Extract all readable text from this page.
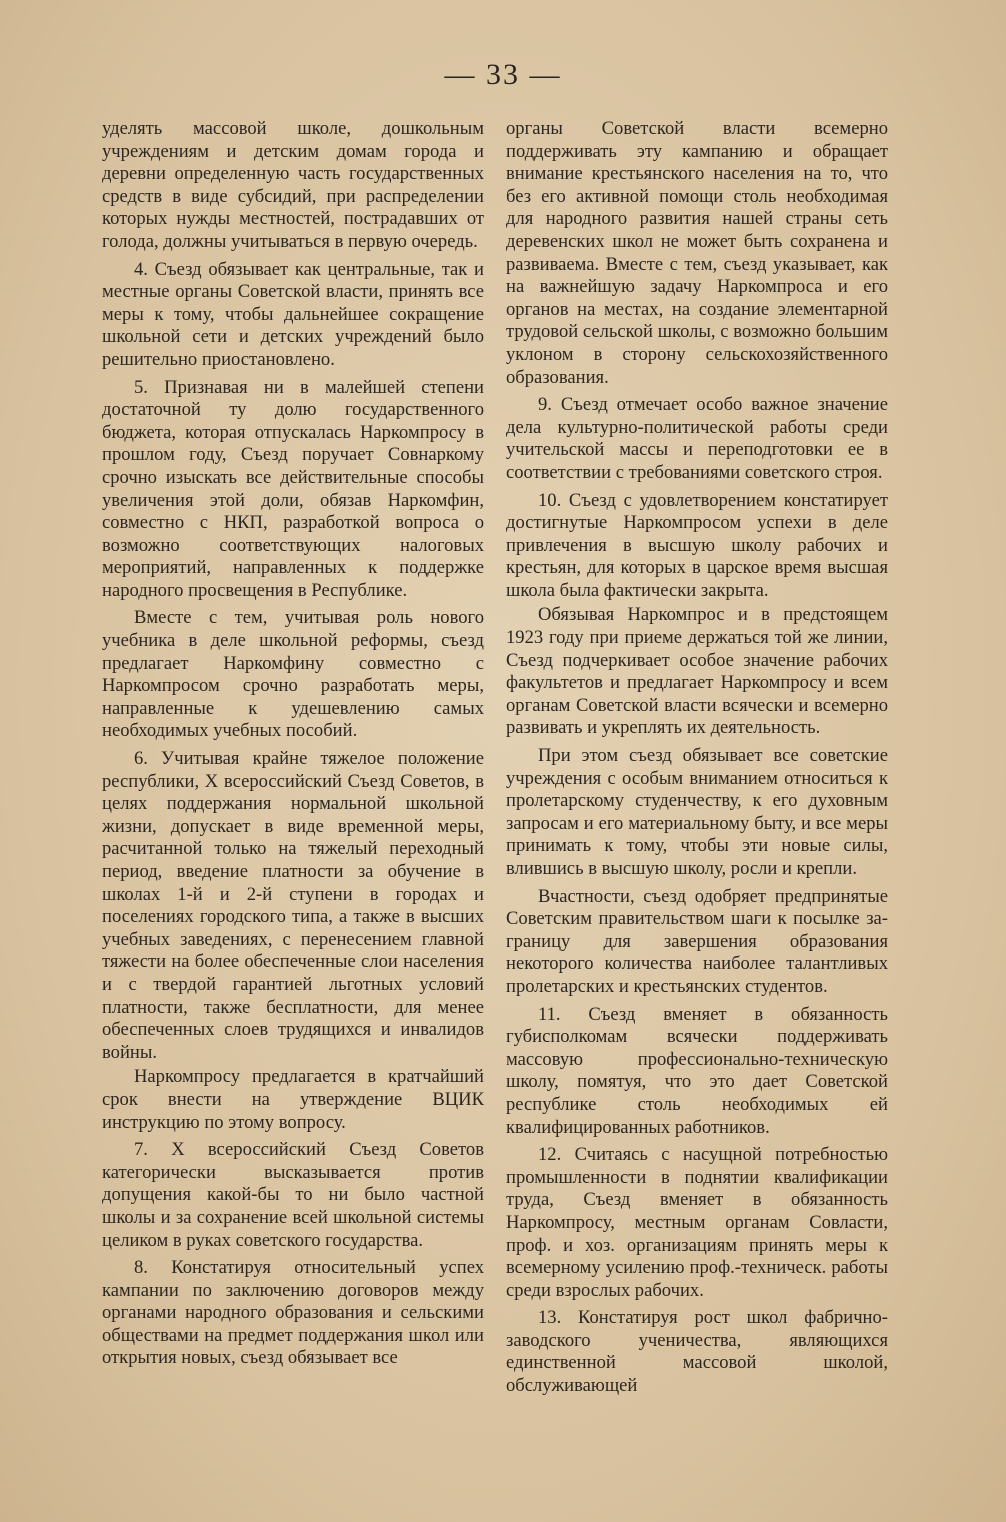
— 33 —

уделять массовой школе, дошкольным учреждениям и детским домам города и деревни определенную часть государственных средств в виде субсидий, при распределении которых нужды местностей, пострадавших от голода, должны учитываться в первую очередь.

4. Съезд обязывает как центральные, так и местные органы Советской власти, принять все меры к тому, чтобы дальнейшее сокращение школьной сети и детских учреждений было решительно приостановлено.

5. Признавая ни в малейшей степени достаточной ту долю государственного бюджета, которая отпускалась Наркомпросу в прошлом году, Съезд поручает Совнаркому срочно изыскать все действительные способы увеличения этой доли, обязав Наркомфин, совместно с НКП, разработкой вопроса о возможно соответствующих налоговых мероприятий, направленных к поддержке народного просвещения в Республике.

Вместе с тем, учитывая роль нового учебника в деле школьной реформы, съезд предлагает Наркомфину совместно с Наркомпросом срочно разработать меры, направленные к удешевлению самых необходимых учебных пособий.

6. Учитывая крайне тяжелое положение республики, X всероссийский Съезд Советов, в целях поддержания нормальной школьной жизни, допускает в виде временной меры, расчитанной только на тяжелый переходный период, введение платности за обучение в школах 1-й и 2-й ступени в городах и поселениях городского типа, а также в высших учебных заведениях, с перенесением главной тяжести на более обеспеченные слои населения и с твердой гарантией льготных условий платности, также бесплатности, для менее обеспеченных слоев трудящихся и инвалидов войны.

Наркомпросу предлагается в кратчайший срок внести на утверждение ВЦИК инструкцию по этому вопросу.

7. X всероссийский Съезд Советов категорически высказывается против допущения какой-бы то ни было частной школы и за сохранение всей школьной системы целиком в руках советского государства.

8. Констатируя относительный успех кампании по заключению договоров между органами народного образования и сельскими обществами на предмет поддержания школ или открытия новых, съезд обязывает все

органы Советской власти всемерно поддерживать эту кампанию и обращает внимание крестьянского населения на то, что без его активной помощи столь необходимая для народного развития нашей страны сеть деревенских школ не может быть сохранена и развиваема. Вместе с тем, съезд указывает, как на важнейшую задачу Наркомпроса и его органов на местах, на создание элементарной трудовой сельской школы, с возможно большим уклоном в сторону сельскохозяйственного образования.

9. Съезд отмечает особо важное значение дела культурно-политической работы среди учительской массы и переподготовки ее в соответствии с требованиями советского строя.

10. Съезд с удовлетворением констатирует достигнутые Наркомпросом успехи в деле привлечения в высшую школу рабочих и крестьян, для которых в царское время высшая школа была фактически закрыта.

Обязывая Наркомпрос и в предстоящем 1923 году при приеме держаться той же линии, Съезд подчеркивает особое значение рабочих факультетов и предлагает Наркомпросу и всем органам Советской власти всячески и всемерно развивать и укреплять их деятельность.

При этом съезд обязывает все советские учреждения с особым вниманием относиться к пролетарскому студенчеству, к его духовным запросам и его материальному быту, и все меры принимать к тому, чтобы эти новые силы, влившись в высшую школу, росли и крепли.

Вчастности, съезд одобряет предпринятые Советским правительством шаги к посылке за-границу для завершения образования некоторого количества наиболее талантливых пролетарских и крестьянских студентов.

11. Съезд вменяет в обязанность губисполкомам всячески поддерживать массовую профессионально-техническую школу, помятуя, что это дает Советской республике столь необходимых ей квалифицированных работников.

12. Считаясь с насущной потребностью промышленности в поднятии квалификации труда, Съезд вменяет в обязанность Наркомпросу, местным органам Совласти, проф. и хоз. организациям принять меры к всемерному усилению проф.-техническ. работы среди взрослых рабочих.

13. Констатируя рост школ фабрично-заводского ученичества, являющихся единственной массовой школой, обслуживающей
